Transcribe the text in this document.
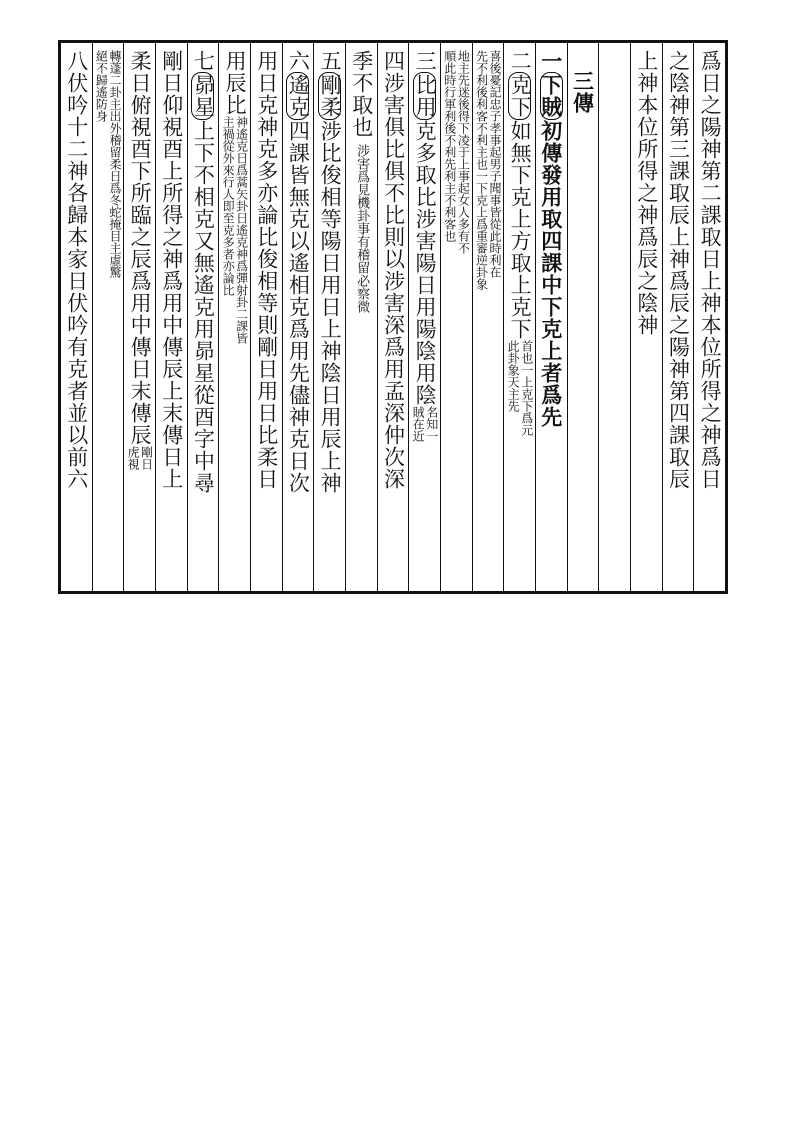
爲日之陽神第二課取日上神本位所得之神爲日
之陰神第三課取辰上神爲辰之陽神第四課取辰
上神本位所得之神爲辰之陰神
三傳
一
下賊
初傳發用取四課中下克上者爲先
二
克下
如無下克上方取上克下
首也一上克下爲元
此卦象天主先
喜後憂記忠子孝事起男子聞事皆從此時利在
先不利後利客不利主也一下克上爲重審逆卦象
地主先迷後得下凌于上事起女人多有不
順此時行軍利後不利先利主不利客也
三
比用
克多取比涉害陽日用陽陰用陰
名知一
賊在近
四
涉害
俱比俱不比則以涉害深爲用孟深仲次深
季不取也
涉害爲見機卦事有稽留必察微
五
剛柔
涉比俊相等陽日用日上神陰日用辰上神
六
遙克
四課皆無克以遙相克爲用先儘神克日次
用日克神克多亦論比俊相等則剛日用日比柔日
用辰比
神遙克日爲蒿矢卦日遙克神爲彈射卦二課皆
主禍從外來行人即至克多者亦論比
七
昴星
上下不相克又無遙克用昴星從酉字中尋
剛日仰視酉上所得之神爲用中傳辰上末傳日上
柔日俯視酉下所臨之辰爲用中傳日末傳辰
剛日
虎視
轉蓬二卦主出外稽留柔日爲冬蛇掩目主虛驚
絕不歸遙防身
八
伏吟
十二神各歸本家日伏吟有克者並以前六
